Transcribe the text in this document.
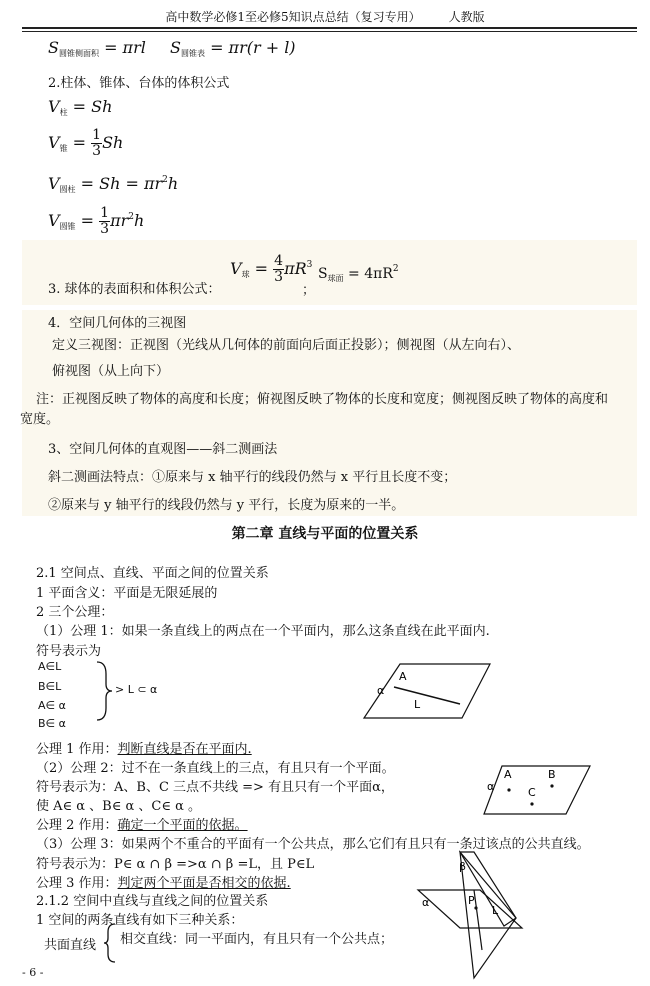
高中数学必修1至必修5知识点总结（复习专用） 人教版
$S_{圆锥侧面积} = \pi rl$ $S_{圆锥表} = \pi r(r + l)$
2.柱体、锥体、台体的体积公式
$V_柱 = Sh$
$V_锥 = \frac{1}{3}$ Sh
$V_{圆柱} = Sh = \pi r^2h$
$V_{圆锥} = \frac{1}{3} \pi r^2h$
3. 球体的表面积和体积公式：
$V_球 = \frac{4}{3} \pi R^3$
；
$S_{球面} = 4\pi R^2$
4．空间几何体的三视图
定义三视图：正视图（光线从几何体的前面向后面正投影）；侧视图（从左向右）、
俯视图（从上向下）
注：正视图反映了物体的高度和长度；俯视图反映了物体的长度和宽度；侧视图反映了物体的高度和
宽度。
3、空间几何体的直观图——斜二测画法
斜二测画法特点：①原来与 x 轴平行的线段仍然与 x 平行且长度不变；
②原来与 y 轴平行的线段仍然与 y 平行，长度为原来的一半。
第二章 直线与平面的位置关系
2.1 空间点、直线、平面之间的位置关系
1 平面含义：平面是无限延展的
2 三个公理：
（1）公理 1：如果一条直线上的两点在一个平面内，那么这条直线在此平面内.
符号表示为
A∈L
B∈L
A∈ α
B∈ α
> L ⊂ α
公理 1 作用：判断直线是否在平面内.
（2）公理 2：过不在一条直线上的三点，有且只有一个平面。
符号表示为：A、B、C 三点不共线 => 有且只有一个平面α，
使 A∈ α 、B∈ α 、C∈ α 。
公理 2 作用：确定一个平面的依据。
（3）公理 3：如果两个不重合的平面有一个公共点，那么它们有且只有一条过该点的公共直线。
符号表示为：P∈ α ∩ β =>α ∩ β =L，且 P∈L
公理 3 作用：判定两个平面是否相交的依据.
2.1.2 空间中直线与直线之间的位置关系
1 空间的两条直线有如下三种关系：
共面直线 相交直线：同一平面内，有且只有一个公共点；
α
A
L
α
A	B
C
β
α	P
L
- 6 -
